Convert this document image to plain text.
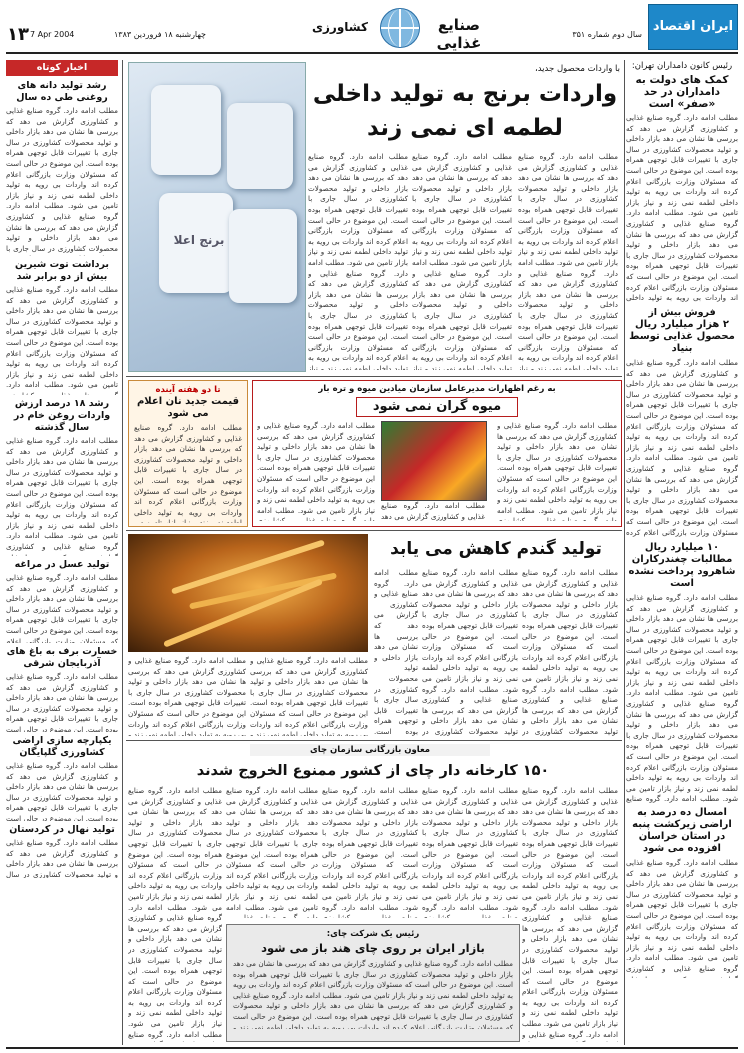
ایران اقتصاد
سال دوم شماره ۳۵۱
صنایع غذایی
کشاورزی
چهارشنبه ۱۸ فروردین ۱۳۸۳
7 Apr 2004
۱۳
رئیس کانون دامداران تهران:
کمک های دولت به دامداران در حد «صفر» است
مطلب ادامه دارد. گروه صنایع غذایی و کشاورزی گزارش می دهد که بررسی ها نشان می دهد بازار داخلی و تولید محصولات کشاورزی در سال جاری با تغییرات قابل توجهی همراه بوده است. این موضوع در حالی است که مسئولان وزارت بازرگانی اعلام کرده اند واردات بی رویه به تولید داخلی لطمه نمی زند و نیاز بازار تامین می شود. مطلب ادامه دارد. گروه صنایع غذایی و کشاورزی گزارش می دهد که بررسی ها نشان می دهد بازار داخلی و تولید محصولات کشاورزی در سال جاری با تغییرات قابل توجهی همراه بوده است. این موضوع در حالی است که مسئولان وزارت بازرگانی اعلام کرده اند واردات بی رویه به تولید داخلی لطمه نمی زند و نیاز بازار تامین می شود. مطلب ادامه دارد. گروه صنایع غذایی و کشاورزی گزارش می دهد که بررسی ها نشان می دهد بازار داخلی و تولید محصولات کشاورزی در سال جاری با تغییرات قابل توجهی همراه بوده است. این موضوع در حالی است که مسئولان وزارت بازرگانی اعلام کرده اند واردات بی رویه به تولید داخلی لطمه نمی زند و نیاز بازار تامین می شود.
فروش بیش از
۲ هزار میلیارد ریال محصول غذایی توسط بنیاد
مطلب ادامه دارد. گروه صنایع غذایی و کشاورزی گزارش می دهد که بررسی ها نشان می دهد بازار داخلی و تولید محصولات کشاورزی در سال جاری با تغییرات قابل توجهی همراه بوده است. این موضوع در حالی است که مسئولان وزارت بازرگانی اعلام کرده اند واردات بی رویه به تولید داخلی لطمه نمی زند و نیاز بازار تامین می شود. مطلب ادامه دارد. گروه صنایع غذایی و کشاورزی گزارش می دهد که بررسی ها نشان می دهد بازار داخلی و تولید محصولات کشاورزی در سال جاری با تغییرات قابل توجهی همراه بوده است. این موضوع در حالی است که مسئولان وزارت بازرگانی اعلام کرده اند واردات بی رویه به تولید داخلی لطمه نمی زند و نیاز بازار تامین می شود. مطلب ادامه دارد. گروه صنایع غذایی و کشاورزی گزارش می دهد که بررسی ها نشان می دهد بازار داخلی و تولید محصولات کشاورزی در سال جاری با تغییرات قابل توجهی همراه بوده است. این موضوع در حالی است که مسئولان وزارت بازرگانی اعلام کرده اند واردات بی رویه به تولید داخلی لطمه نمی زند و نیاز بازار تامین می شود.
۱۰ میلیارد ریال مطالبات چغندرکاران شاهرود پرداخت نشده است
مطلب ادامه دارد. گروه صنایع غذایی و کشاورزی گزارش می دهد که بررسی ها نشان می دهد بازار داخلی و تولید محصولات کشاورزی در سال جاری با تغییرات قابل توجهی همراه بوده است. این موضوع در حالی است که مسئولان وزارت بازرگانی اعلام کرده اند واردات بی رویه به تولید داخلی لطمه نمی زند و نیاز بازار تامین می شود. مطلب ادامه دارد. گروه صنایع غذایی و کشاورزی گزارش می دهد که بررسی ها نشان می دهد بازار داخلی و تولید محصولات کشاورزی در سال جاری با تغییرات قابل توجهی همراه بوده است. این موضوع در حالی است که مسئولان وزارت بازرگانی اعلام کرده اند واردات بی رویه به تولید داخلی لطمه نمی زند و نیاز بازار تامین می شود. مطلب ادامه دارد. گروه صنایع غذایی و کشاورزی گزارش می دهد که بررسی ها نشان می دهد بازار داخلی و تولید محصولات کشاورزی در سال جاری با تغییرات قابل توجهی همراه بوده است. این موضوع در حالی است که مسئولان وزارت بازرگانی اعلام کرده اند واردات بی رویه به تولید داخلی لطمه نمی زند و نیاز بازار تامین می شود.
امسال ده درصد به اراضی زیرکشت پنبه در استان خراسان افزوده می شود
مطلب ادامه دارد. گروه صنایع غذایی و کشاورزی گزارش می دهد که بررسی ها نشان می دهد بازار داخلی و تولید محصولات کشاورزی در سال جاری با تغییرات قابل توجهی همراه بوده است. این موضوع در حالی است که مسئولان وزارت بازرگانی اعلام کرده اند واردات بی رویه به تولید داخلی لطمه نمی زند و نیاز بازار تامین می شود. مطلب ادامه دارد. گروه صنایع غذایی و کشاورزی گزارش می دهد که بررسی ها نشان می دهد بازار داخلی و تولید محصولات کشاورزی در سال جاری با تغییرات قابل توجهی همراه بوده است. این موضوع در حالی است که مسئولان وزارت بازرگانی اعلام کرده اند واردات بی رویه به تولید داخلی لطمه نمی زند و نیاز بازار تامین می شود. مطلب ادامه دارد. گروه صنایع غذایی و کشاورزی گزارش می دهد که بررسی ها نشان می دهد بازار داخلی و تولید محصولات کشاورزی در سال جاری با تغییرات قابل توجهی همراه بوده است. این موضوع در حالی است که مسئولان وزارت بازرگانی اعلام کرده اند واردات بی رویه به تولید داخلی لطمه نمی زند و نیاز بازار تامین می شود.
اخبار کوتاه
رشد تولید دانه های روغنی طی ده سال
مطلب ادامه دارد. گروه صنایع غذایی و کشاورزی گزارش می دهد که بررسی ها نشان می دهد بازار داخلی و تولید محصولات کشاورزی در سال جاری با تغییرات قابل توجهی همراه بوده است. این موضوع در حالی است که مسئولان وزارت بازرگانی اعلام کرده اند واردات بی رویه به تولید داخلی لطمه نمی زند و نیاز بازار تامین می شود. مطلب ادامه دارد. گروه صنایع غذایی و کشاورزی گزارش می دهد که بررسی ها نشان می دهد بازار داخلی و تولید محصولات کشاورزی در سال جاری با تغییرات قابل توجهی همراه بوده است. این موضوع در حالی است که مسئولان وزارت بازرگانی اعلام کرده اند واردات بی رویه به تولید داخلی لطمه نمی زند و نیاز بازار تامین می شود. مطلب ادامه دارد. گروه صنایع غذایی و کشاورزی گزارش می دهد که بررسی ها نشان می دهد بازار داخلی و تولید محصولات کشاورزی در سال جاری با تغییرات قابل توجهی همراه بوده است. این موضوع در حالی است که مسئولان وزارت بازرگانی اعلام کرده اند واردات بی رویه به تولید داخلی لطمه نمی زند و نیاز بازار تامین می شود.
برداشت توت شیرین بیش از دو برابر شد
مطلب ادامه دارد. گروه صنایع غذایی و کشاورزی گزارش می دهد که بررسی ها نشان می دهد بازار داخلی و تولید محصولات کشاورزی در سال جاری با تغییرات قابل توجهی همراه بوده است. این موضوع در حالی است که مسئولان وزارت بازرگانی اعلام کرده اند واردات بی رویه به تولید داخلی لطمه نمی زند و نیاز بازار تامین می شود. مطلب ادامه دارد. گروه صنایع غذایی و کشاورزی گزارش می دهد که بررسی ها نشان می دهد بازار داخلی و تولید محصولات کشاورزی در سال جاری با تغییرات قابل توجهی همراه بوده است. این موضوع در حالی است که مسئولان وزارت بازرگانی اعلام کرده اند واردات بی رویه به تولید داخلی لطمه نمی زند و نیاز بازار تامین می شود. مطلب ادامه دارد. گروه صنایع غذایی و کشاورزی گزارش می دهد که بررسی ها نشان می دهد بازار داخلی و تولید محصولات کشاورزی در سال جاری با تغییرات قابل توجهی همراه بوده است. این موضوع در حالی است که مسئولان وزارت بازرگانی اعلام کرده اند واردات بی رویه به تولید داخلی لطمه نمی زند و نیاز بازار تامین می شود.
رشد ۱۸ درصد ارزش واردات روغن خام در سال گذشته
مطلب ادامه دارد. گروه صنایع غذایی و کشاورزی گزارش می دهد که بررسی ها نشان می دهد بازار داخلی و تولید محصولات کشاورزی در سال جاری با تغییرات قابل توجهی همراه بوده است. این موضوع در حالی است که مسئولان وزارت بازرگانی اعلام کرده اند واردات بی رویه به تولید داخلی لطمه نمی زند و نیاز بازار تامین می شود. مطلب ادامه دارد. گروه صنایع غذایی و کشاورزی گزارش می دهد که بررسی ها نشان می دهد بازار داخلی و تولید محصولات کشاورزی در سال جاری با تغییرات قابل توجهی همراه بوده است. این موضوع در حالی است که مسئولان وزارت بازرگانی اعلام کرده اند واردات بی رویه به تولید داخلی لطمه نمی زند و نیاز بازار تامین می شود. مطلب ادامه دارد. گروه صنایع غذایی و کشاورزی گزارش می دهد که بررسی ها نشان می دهد بازار داخلی و تولید محصولات کشاورزی در سال جاری با تغییرات قابل توجهی همراه بوده است. این موضوع در حالی است که مسئولان وزارت بازرگانی اعلام کرده اند واردات بی رویه به تولید داخلی لطمه نمی زند و نیاز بازار تامین می شود.
تولید عسل در مراغه
مطلب ادامه دارد. گروه صنایع غذایی و کشاورزی گزارش می دهد که بررسی ها نشان می دهد بازار داخلی و تولید محصولات کشاورزی در سال جاری با تغییرات قابل توجهی همراه بوده است. این موضوع در حالی است که مسئولان وزارت بازرگانی اعلام کرده اند واردات بی رویه به تولید داخلی لطمه نمی زند و نیاز بازار تامین می شود. مطلب ادامه دارد. گروه صنایع غذایی و کشاورزی گزارش می دهد که بررسی ها نشان می دهد بازار داخلی و تولید محصولات کشاورزی در سال جاری با تغییرات قابل توجهی همراه بوده است. این موضوع در حالی است که مسئولان وزارت بازرگانی اعلام کرده اند واردات بی رویه به تولید داخلی لطمه نمی زند و نیاز بازار تامین می شود. مطلب ادامه دارد. گروه صنایع غذایی و کشاورزی گزارش می دهد که بررسی ها نشان می دهد بازار داخلی و تولید محصولات کشاورزی در سال جاری با تغییرات قابل توجهی همراه بوده است. این موضوع در حالی است که مسئولان وزارت بازرگانی اعلام کرده اند واردات بی رویه به تولید داخلی لطمه نمی زند و نیاز بازار تامین می شود.
خسارت برف به باغ های آذربایجان شرقی
مطلب ادامه دارد. گروه صنایع غذایی و کشاورزی گزارش می دهد که بررسی ها نشان می دهد بازار داخلی و تولید محصولات کشاورزی در سال جاری با تغییرات قابل توجهی همراه بوده است. این موضوع در حالی است که مسئولان وزارت بازرگانی اعلام کرده اند واردات بی رویه به تولید داخلی لطمه نمی زند و نیاز بازار تامین می شود. مطلب ادامه دارد. گروه صنایع غذایی و کشاورزی گزارش می دهد که بررسی ها نشان می دهد بازار داخلی و تولید محصولات کشاورزی در سال جاری با تغییرات قابل توجهی همراه بوده است. این موضوع در حالی است که مسئولان وزارت بازرگانی اعلام کرده اند واردات بی رویه به تولید داخلی لطمه نمی زند و نیاز بازار تامین می شود. مطلب ادامه دارد. گروه صنایع غذایی و کشاورزی گزارش می دهد که بررسی ها نشان می دهد بازار داخلی و تولید محصولات کشاورزی در سال جاری با تغییرات قابل توجهی همراه بوده است. این موضوع در حالی است که مسئولان وزارت بازرگانی اعلام کرده اند واردات بی رویه به تولید داخلی لطمه نمی زند و نیاز بازار تامین می شود.
یکپارچه سازی اراضی کشاورزی گلپایگان
مطلب ادامه دارد. گروه صنایع غذایی و کشاورزی گزارش می دهد که بررسی ها نشان می دهد بازار داخلی و تولید محصولات کشاورزی در سال جاری با تغییرات قابل توجهی همراه بوده است. این موضوع در حالی است که مسئولان وزارت بازرگانی اعلام کرده اند واردات بی رویه به تولید داخلی لطمه نمی زند و نیاز بازار تامین می شود. مطلب ادامه دارد. گروه صنایع غذایی و کشاورزی گزارش می دهد که بررسی ها نشان می دهد بازار داخلی و تولید محصولات کشاورزی در سال جاری با تغییرات قابل توجهی همراه بوده است. این موضوع در حالی است که مسئولان وزارت بازرگانی اعلام کرده اند واردات بی رویه به تولید داخلی لطمه نمی زند و نیاز بازار تامین می شود. مطلب ادامه دارد. گروه صنایع غذایی و کشاورزی گزارش می دهد که بررسی ها نشان می دهد بازار داخلی و تولید محصولات کشاورزی در سال جاری با تغییرات قابل توجهی همراه بوده است. این موضوع در حالی است که مسئولان وزارت بازرگانی اعلام کرده اند واردات بی رویه به تولید داخلی لطمه نمی زند و نیاز بازار تامین می شود.
تولید نهال در کردستان
مطلب ادامه دارد. گروه صنایع غذایی و کشاورزی گزارش می دهد که بررسی ها نشان می دهد بازار داخلی و تولید محصولات کشاورزی در سال جاری با تغییرات قابل توجهی همراه بوده است. این موضوع در حالی است که مسئولان وزارت بازرگانی اعلام کرده اند واردات بی رویه به تولید داخلی لطمه نمی زند و نیاز بازار تامین می شود. مطلب ادامه دارد. گروه صنایع غذایی و کشاورزی گزارش می دهد که بررسی ها نشان می دهد بازار داخلی و تولید محصولات کشاورزی در سال جاری با تغییرات قابل توجهی همراه بوده است. این موضوع در حالی است که مسئولان وزارت بازرگانی اعلام کرده اند واردات بی رویه به تولید داخلی لطمه نمی زند و نیاز بازار تامین می شود. مطلب ادامه دارد. گروه صنایع غذایی و کشاورزی گزارش می دهد که بررسی ها نشان می دهد بازار داخلی و تولید محصولات کشاورزی در سال جاری با تغییرات قابل توجهی همراه بوده است. این موضوع در حالی است که مسئولان وزارت بازرگانی اعلام کرده اند واردات بی رویه به تولید داخلی لطمه نمی زند و نیاز بازار تامین می شود.
برنج اعلا
با واردات محصول جدید،
واردات برنج به تولید داخلی
لطمه ای نمی زند
مطلب ادامه دارد. گروه صنایع غذایی و کشاورزی گزارش می دهد که بررسی ها نشان می دهد بازار داخلی و تولید محصولات کشاورزی در سال جاری با تغییرات قابل توجهی همراه بوده است. این موضوع در حالی است که مسئولان وزارت بازرگانی اعلام کرده اند واردات بی رویه به تولید داخلی لطمه نمی زند و نیاز بازار تامین می شود. مطلب ادامه دارد. گروه صنایع غذایی و کشاورزی گزارش می دهد که بررسی ها نشان می دهد بازار داخلی و تولید محصولات کشاورزی در سال جاری با تغییرات قابل توجهی همراه بوده است. این موضوع در حالی است که مسئولان وزارت بازرگانی اعلام کرده اند واردات بی رویه به تولید داخلی لطمه نمی زند و نیاز بازار تامین می شود. مطلب ادامه دارد. گروه صنایع غذایی و کشاورزی گزارش می دهد که بررسی ها نشان می دهد بازار داخلی و تولید محصولات کشاورزی در سال جاری با تغییرات قابل توجهی همراه بوده است. این موضوع در حالی است که مسئولان وزارت بازرگانی اعلام کرده اند واردات بی رویه به تولید داخلی لطمه نمی زند و نیاز بازار تامین می شود.
مطلب ادامه دارد. گروه صنایع غذایی و کشاورزی گزارش می دهد که بررسی ها نشان می دهد بازار داخلی و تولید محصولات کشاورزی در سال جاری با تغییرات قابل توجهی همراه بوده است. این موضوع در حالی است که مسئولان وزارت بازرگانی اعلام کرده اند واردات بی رویه به تولید داخلی لطمه نمی زند و نیاز بازار تامین می شود. مطلب ادامه دارد. گروه صنایع غذایی و کشاورزی گزارش می دهد که بررسی ها نشان می دهد بازار داخلی و تولید محصولات کشاورزی در سال جاری با تغییرات قابل توجهی همراه بوده است. این موضوع در حالی است که مسئولان وزارت بازرگانی اعلام کرده اند واردات بی رویه به تولید داخلی لطمه نمی زند و نیاز بازار تامین می شود. مطلب ادامه دارد. گروه صنایع غذایی و کشاورزی گزارش می دهد که بررسی ها نشان می دهد بازار داخلی و تولید محصولات کشاورزی در سال جاری با تغییرات قابل توجهی همراه بوده است. این موضوع در حالی است که مسئولان وزارت بازرگانی اعلام کرده اند واردات بی رویه به تولید داخلی لطمه نمی زند و نیاز بازار تامین می شود.
مطلب ادامه دارد. گروه صنایع غذایی و کشاورزی گزارش می دهد که بررسی ها نشان می دهد بازار داخلی و تولید محصولات کشاورزی در سال جاری با تغییرات قابل توجهی همراه بوده است. این موضوع در حالی است که مسئولان وزارت بازرگانی اعلام کرده اند واردات بی رویه به تولید داخلی لطمه نمی زند و نیاز بازار تامین می شود. مطلب ادامه دارد. گروه صنایع غذایی و کشاورزی گزارش می دهد که بررسی ها نشان می دهد بازار داخلی و تولید محصولات کشاورزی در سال جاری با تغییرات قابل توجهی همراه بوده است. این موضوع در حالی است که مسئولان وزارت بازرگانی اعلام کرده اند واردات بی رویه به تولید داخلی لطمه نمی زند و نیاز بازار تامین می شود. مطلب ادامه دارد. گروه صنایع غذایی و کشاورزی گزارش می دهد که بررسی ها نشان می دهد بازار داخلی و تولید محصولات کشاورزی در سال جاری با تغییرات قابل توجهی همراه بوده است. این موضوع در حالی است که مسئولان وزارت بازرگانی اعلام کرده اند واردات بی رویه به تولید داخلی لطمه نمی زند و نیاز بازار تامین می شود.
تا دو هفته آینده
قیمت جدید نان اعلام می شود
مطلب ادامه دارد. گروه صنایع غذایی و کشاورزی گزارش می دهد که بررسی ها نشان می دهد بازار داخلی و تولید محصولات کشاورزی در سال جاری با تغییرات قابل توجهی همراه بوده است. این موضوع در حالی است که مسئولان وزارت بازرگانی اعلام کرده اند واردات بی رویه به تولید داخلی لطمه نمی زند و نیاز بازار تامین می شود. مطلب ادامه دارد. گروه صنایع غذایی و کشاورزی گزارش می دهد که بررسی ها نشان می دهد بازار داخلی و تولید محصولات کشاورزی در سال جاری با تغییرات قابل توجهی همراه بوده است. این موضوع در حالی است که مسئولان وزارت بازرگانی اعلام کرده اند واردات بی رویه به تولید داخلی لطمه نمی زند و نیاز بازار تامین می شود. مطلب ادامه دارد. گروه صنایع غذایی و کشاورزی گزارش می دهد که بررسی ها نشان می دهد بازار داخلی و تولید محصولات کشاورزی در سال جاری با تغییرات قابل توجهی همراه بوده است. این موضوع در حالی است که مسئولان وزارت بازرگانی اعلام کرده اند واردات بی رویه به تولید داخلی لطمه نمی زند و نیاز بازار تامین می شود.
به رغم اظهارات مدیرعامل سازمان میادین میوه و تره بار
میوه گران نمی شود
مطلب ادامه دارد. گروه صنایع غذایی و کشاورزی گزارش می دهد که بررسی ها نشان می دهد بازار داخلی و تولید محصولات کشاورزی در سال جاری با تغییرات قابل توجهی همراه بوده است. این موضوع در حالی است که مسئولان وزارت بازرگانی اعلام کرده اند واردات بی رویه به تولید داخلی لطمه نمی زند و نیاز بازار تامین می شود. مطلب ادامه دارد. گروه صنایع غذایی و کشاورزی گزارش می دهد که بررسی ها نشان می دهد بازار داخلی و تولید محصولات کشاورزی در سال جاری با تغییرات قابل توجهی همراه بوده است. این موضوع در حالی است که مسئولان وزارت بازرگانی اعلام کرده اند واردات بی رویه به تولید داخلی لطمه نمی زند و نیاز بازار تامین می شود. مطلب ادامه دارد. گروه صنایع غذایی و کشاورزی گزارش می دهد که بررسی ها نشان می دهد بازار داخلی و تولید محصولات کشاورزی در سال جاری با تغییرات قابل توجهی همراه بوده است. این موضوع در حالی است که مسئولان وزارت بازرگانی اعلام کرده اند واردات بی رویه به تولید داخلی لطمه نمی زند و نیاز بازار تامین می شود.
مطلب ادامه دارد. گروه صنایع غذایی و کشاورزی گزارش می دهد که بررسی ها نشان می دهد بازار داخلی و تولید محصولات کشاورزی در سال جاری با تغییرات قابل توجهی همراه بوده است. این موضوع در حالی است که مسئولان وزارت بازرگانی اعلام کرده اند واردات بی رویه به تولید داخلی لطمه نمی زند و نیاز بازار تامین می شود. مطلب ادامه دارد. گروه صنایع غذایی و کشاورزی گزارش می دهد که بررسی ها نشان می دهد بازار داخلی و تولید محصولات کشاورزی در سال جاری با تغییرات قابل توجهی همراه بوده است. این موضوع در حالی است که مسئولان وزارت بازرگانی اعلام کرده اند واردات بی رویه به تولید داخلی لطمه نمی زند و نیاز بازار تامین می شود. مطلب ادامه دارد. گروه صنایع غذایی و کشاورزی گزارش می دهد که بررسی ها نشان می دهد بازار داخلی و تولید محصولات کشاورزی در سال جاری با تغییرات قابل توجهی همراه بوده است. این موضوع در حالی است که مسئولان وزارت بازرگانی اعلام کرده اند واردات بی رویه به تولید داخلی لطمه نمی زند و نیاز بازار تامین می شود.
مطلب ادامه دارد. گروه صنایع غذایی و کشاورزی گزارش می دهد که بررسی ها نشان می دهد بازار داخلی و تولید محصولات کشاورزی در سال جاری با تغییرات قابل توجهی همراه بوده است. این موضوع در حالی است که مسئولان وزارت بازرگانی اعلام کرده اند واردات بی رویه به تولید داخلی لطمه نمی زند و نیاز بازار تامین می شود. مطلب ادامه دارد. گروه صنایع غذایی و کشاورزی گزارش می دهد که بررسی ها نشان می دهد بازار داخلی و تولید محصولات کشاورزی در سال جاری با تغییرات قابل توجهی همراه بوده است. این موضوع در حالی است که مسئولان وزارت بازرگانی اعلام کرده اند واردات بی رویه به تولید داخلی لطمه نمی زند و نیاز بازار تامین می شود. مطلب ادامه دارد. گروه صنایع غذایی و کشاورزی گزارش می دهد که بررسی ها نشان می دهد بازار داخلی و تولید محصولات کشاورزی در سال جاری با تغییرات قابل توجهی همراه بوده است. این موضوع در حالی است که مسئولان وزارت بازرگانی اعلام کرده اند واردات بی رویه به تولید داخلی لطمه نمی زند و نیاز بازار تامین می شود.
تولید گندم کاهش می یابد
مطلب ادامه دارد. گروه صنایع غذایی و کشاورزی گزارش می دهد که بررسی ها نشان می دهد بازار داخلی و تولید محصولات کشاورزی در سال جاری با تغییرات قابل توجهی همراه بوده است. این موضوع در حالی است که مسئولان وزارت بازرگانی اعلام کرده اند واردات بی رویه به تولید داخلی لطمه نمی زند و نیاز بازار تامین می شود. مطلب ادامه دارد. گروه صنایع غذایی و کشاورزی گزارش می دهد که بررسی ها نشان می دهد بازار داخلی و تولید محصولات کشاورزی در سال جاری با تغییرات قابل توجهی همراه بوده است. این موضوع در حالی است که مسئولان وزارت بازرگانی اعلام کرده اند واردات بی رویه به تولید داخلی لطمه نمی زند و نیاز بازار تامین می شود. مطلب ادامه دارد. گروه صنایع غذایی و کشاورزی گزارش می دهد که بررسی ها نشان می دهد بازار داخلی و تولید محصولات کشاورزی در سال جاری با تغییرات قابل توجهی همراه بوده است. این موضوع در حالی است که مسئولان وزارت بازرگانی اعلام کرده اند واردات بی رویه به تولید داخلی لطمه نمی زند و نیاز بازار تامین می شود.
مطلب ادامه دارد. گروه صنایع غذایی و کشاورزی گزارش می دهد که بررسی ها نشان می دهد بازار داخلی و تولید محصولات کشاورزی در سال جاری با تغییرات قابل توجهی همراه بوده است. این موضوع در حالی است که مسئولان وزارت بازرگانی اعلام کرده اند واردات بی رویه به تولید داخلی لطمه نمی زند و نیاز بازار تامین می شود. مطلب ادامه دارد. گروه صنایع غذایی و کشاورزی گزارش می دهد که بررسی ها نشان می دهد بازار داخلی و تولید محصولات کشاورزی در سال جاری با تغییرات قابل توجهی همراه بوده است. این موضوع در حالی است که مسئولان وزارت بازرگانی اعلام کرده اند واردات بی رویه به تولید داخلی لطمه نمی زند و نیاز بازار تامین می شود. مطلب ادامه دارد. گروه صنایع غذایی و کشاورزی گزارش می دهد که بررسی ها نشان می دهد بازار داخلی و تولید محصولات کشاورزی در سال جاری با تغییرات قابل توجهی همراه بوده است. این موضوع در حالی است که مسئولان وزارت بازرگانی اعلام کرده اند واردات بی رویه به تولید داخلی لطمه نمی زند و نیاز بازار تامین می شود.
مطلب ادامه دارد. گروه صنایع غذایی و کشاورزی گزارش می دهد که بررسی ها نشان می دهد بازار داخلی و تولید محصولات کشاورزی در سال جاری با تغییرات قابل توجهی همراه بوده است. این موضوع در حالی است که مسئولان وزارت بازرگانی اعلام کرده اند واردات بی رویه به تولید داخلی لطمه نمی زند و نیاز بازار تامین می شود. مطلب ادامه دارد. گروه صنایع غذایی و کشاورزی گزارش می دهد که بررسی ها نشان می دهد بازار داخلی و تولید محصولات کشاورزی در سال جاری با تغییرات قابل توجهی همراه بوده است. این موضوع در حالی است که مسئولان وزارت بازرگانی اعلام کرده اند واردات بی رویه به تولید داخلی لطمه نمی زند و نیاز بازار تامین می شود. مطلب ادامه دارد. گروه صنایع غذایی و کشاورزی گزارش می دهد که بررسی ها نشان می دهد بازار داخلی و تولید محصولات کشاورزی در سال جاری با تغییرات قابل توجهی همراه بوده است. این موضوع در حالی است که مسئولان وزارت بازرگانی اعلام کرده اند واردات بی رویه به تولید داخلی لطمه نمی زند و نیاز بازار تامین می شود.
مطلب ادامه دارد. گروه صنایع غذایی و کشاورزی گزارش می دهد که بررسی ها نشان می دهد بازار داخلی و تولید محصولات کشاورزی در سال جاری با تغییرات قابل توجهی همراه بوده است. این موضوع در حالی است که مسئولان وزارت بازرگانی اعلام کرده اند واردات بی رویه به تولید داخلی لطمه نمی زند و نیاز بازار تامین می شود. مطلب ادامه دارد. گروه صنایع غذایی و کشاورزی گزارش می دهد که بررسی ها نشان می دهد بازار داخلی و تولید محصولات کشاورزی در سال جاری با تغییرات قابل توجهی همراه بوده است. این موضوع در حالی است که مسئولان وزارت بازرگانی اعلام کرده اند واردات بی رویه به تولید داخلی لطمه نمی زند و نیاز بازار تامین می شود. مطلب ادامه دارد. گروه صنایع غذایی و کشاورزی گزارش می دهد که بررسی ها نشان می دهد بازار داخلی و تولید محصولات کشاورزی در سال جاری با تغییرات قابل توجهی همراه بوده است. این موضوع در حالی است که مسئولان وزارت بازرگانی اعلام کرده اند واردات بی رویه به تولید داخلی لطمه نمی زند و نیاز بازار تامین می شود.
مطلب ادامه دارد. گروه صنایع غذایی و کشاورزی گزارش می دهد که بررسی ها نشان می دهد بازار داخلی و تولید محصولات کشاورزی در سال جاری با تغییرات قابل توجهی همراه بوده است. این موضوع در حالی است که مسئولان وزارت بازرگانی اعلام کرده اند واردات بی رویه به تولید داخلی لطمه نمی زند و نیاز بازار تامین می شود. مطلب ادامه دارد. گروه صنایع غذایی و کشاورزی گزارش می دهد که بررسی ها نشان می دهد بازار داخلی و تولید محصولات کشاورزی در سال جاری با تغییرات قابل توجهی همراه بوده است. این موضوع در حالی است که مسئولان وزارت بازرگانی اعلام کرده اند واردات بی رویه به تولید داخلی لطمه نمی زند و نیاز بازار تامین می شود. مطلب ادامه دارد. گروه صنایع غذایی و کشاورزی گزارش می دهد که بررسی ها نشان می دهد بازار داخلی و تولید محصولات کشاورزی در سال جاری با تغییرات قابل توجهی همراه بوده است. این موضوع در حالی است که مسئولان وزارت بازرگانی اعلام کرده اند واردات بی رویه به تولید داخلی لطمه نمی زند و نیاز بازار تامین می شود.
معاون بازرگانی سازمان چای
۱۵۰ کارخانه دار چای از کشور ممنوع الخروج شدند
مطلب ادامه دارد. گروه صنایع غذایی و کشاورزی گزارش می دهد که بررسی ها نشان می دهد بازار داخلی و تولید محصولات کشاورزی در سال جاری با تغییرات قابل توجهی همراه بوده است. این موضوع در حالی است که مسئولان وزارت بازرگانی اعلام کرده اند واردات بی رویه به تولید داخلی لطمه نمی زند و نیاز بازار تامین می شود. مطلب ادامه دارد. گروه صنایع غذایی و کشاورزی گزارش می دهد که بررسی ها نشان می دهد بازار داخلی و تولید محصولات کشاورزی در سال جاری با تغییرات قابل توجهی همراه بوده است. این موضوع در حالی است که مسئولان وزارت بازرگانی اعلام کرده اند واردات بی رویه به تولید داخلی لطمه نمی زند و نیاز بازار تامین می شود. مطلب ادامه دارد. گروه صنایع غذایی و کشاورزی گزارش می دهد که بررسی ها نشان می دهد بازار داخلی و تولید محصولات کشاورزی در سال جاری با تغییرات قابل توجهی همراه بوده است. این موضوع در حالی است که مسئولان وزارت بازرگانی اعلام کرده اند واردات بی رویه به تولید داخلی لطمه نمی زند و نیاز بازار تامین می شود.
مطلب ادامه دارد. گروه صنایع غذایی و کشاورزی گزارش می دهد که بررسی ها نشان می دهد بازار داخلی و تولید محصولات کشاورزی در سال جاری با تغییرات قابل توجهی همراه بوده است. این موضوع در حالی است که مسئولان وزارت بازرگانی اعلام کرده اند واردات بی رویه به تولید داخلی لطمه نمی زند و نیاز بازار تامین می شود. مطلب ادامه دارد. گروه صنایع غذایی و کشاورزی گزارش می دهد که بررسی ها نشان می دهد بازار داخلی و تولید محصولات کشاورزی در سال جاری با تغییرات قابل توجهی همراه بوده است. این موضوع در حالی است که مسئولان وزارت بازرگانی اعلام کرده اند واردات بی رویه به تولید داخلی لطمه نمی زند و نیاز بازار تامین می شود. مطلب ادامه دارد. گروه صنایع غذایی و کشاورزی گزارش می دهد که بررسی ها نشان می دهد بازار داخلی و تولید محصولات کشاورزی در سال جاری با تغییرات قابل توجهی همراه بوده است. این موضوع در حالی است که مسئولان وزارت بازرگانی اعلام کرده اند واردات بی رویه به تولید داخلی لطمه نمی زند و نیاز بازار تامین می شود.
مطلب ادامه دارد. گروه صنایع غذایی و کشاورزی گزارش می دهد که بررسی ها نشان می دهد بازار داخلی و تولید محصولات کشاورزی در سال جاری با تغییرات قابل توجهی همراه بوده است. این موضوع در حالی است که مسئولان وزارت بازرگانی اعلام کرده اند واردات بی رویه به تولید داخلی لطمه نمی زند و نیاز بازار تامین می شود. مطلب ادامه دارد. گروه صنایع غذایی و کشاورزی گزارش می دهد که بررسی ها نشان می دهد بازار داخلی و تولید محصولات کشاورزی در سال جاری با تغییرات قابل توجهی همراه بوده است. این موضوع در حالی است که مسئولان وزارت بازرگانی اعلام کرده اند واردات بی رویه به تولید داخلی لطمه نمی زند و نیاز بازار تامین می شود. مطلب ادامه دارد. گروه صنایع غذایی و کشاورزی گزارش می دهد که بررسی ها نشان می دهد بازار داخلی و تولید محصولات کشاورزی در سال جاری با تغییرات قابل توجهی همراه بوده است. این موضوع در حالی است که مسئولان وزارت بازرگانی اعلام کرده اند واردات بی رویه به تولید داخلی لطمه نمی زند و نیاز بازار تامین می شود.
مطلب ادامه دارد. گروه صنایع غذایی و کشاورزی گزارش می دهد که بررسی ها نشان می دهد بازار داخلی و تولید محصولات کشاورزی در سال جاری با تغییرات قابل توجهی همراه بوده است. این موضوع در حالی است که مسئولان وزارت بازرگانی اعلام کرده اند واردات بی رویه به تولید داخلی لطمه نمی زند و نیاز بازار تامین می شود. مطلب ادامه دارد. گروه صنایع غذایی و کشاورزی گزارش می دهد که بررسی ها نشان می دهد بازار داخلی و تولید محصولات کشاورزی در سال جاری با تغییرات قابل توجهی همراه بوده است. این موضوع در حالی است که مسئولان وزارت بازرگانی اعلام کرده اند واردات بی رویه به تولید داخلی لطمه نمی زند و نیاز بازار تامین می شود. مطلب ادامه دارد. گروه صنایع غذایی و کشاورزی گزارش می دهد که بررسی ها نشان می دهد بازار داخلی و تولید محصولات کشاورزی در سال جاری با تغییرات قابل توجهی همراه بوده است. این موضوع در حالی است که مسئولان وزارت بازرگانی اعلام کرده اند واردات بی رویه به تولید داخلی لطمه نمی زند و نیاز بازار تامین می شود.
مطلب ادامه دارد. گروه صنایع غذایی و کشاورزی گزارش می دهد که بررسی ها نشان می دهد بازار داخلی و تولید محصولات کشاورزی در سال جاری با تغییرات قابل توجهی همراه بوده است. این موضوع در حالی است که مسئولان وزارت بازرگانی اعلام کرده اند واردات بی رویه به تولید داخلی لطمه نمی زند و نیاز بازار تامین می شود. مطلب ادامه دارد. گروه صنایع غذایی و کشاورزی گزارش می دهد که بررسی ها نشان می دهد بازار داخلی و تولید محصولات کشاورزی در سال جاری با تغییرات قابل توجهی همراه بوده است. این موضوع در حالی است که مسئولان وزارت بازرگانی اعلام کرده اند واردات بی رویه به تولید داخلی لطمه نمی زند و نیاز بازار تامین می شود. مطلب ادامه دارد. گروه صنایع غذایی و کشاورزی گزارش می دهد که بررسی ها نشان می دهد بازار داخلی و تولید محصولات کشاورزی در سال جاری با تغییرات قابل توجهی همراه بوده است. این موضوع در حالی است که مسئولان وزارت بازرگانی اعلام کرده اند واردات بی رویه به تولید داخلی لطمه نمی زند و نیاز بازار تامین می شود.
رئیس یک شرکت چای:
بازار ایران بر روی چای هند باز می شود
مطلب ادامه دارد. گروه صنایع غذایی و کشاورزی گزارش می دهد که بررسی ها نشان می دهد بازار داخلی و تولید محصولات کشاورزی در سال جاری با تغییرات قابل توجهی همراه بوده است. این موضوع در حالی است که مسئولان وزارت بازرگانی اعلام کرده اند واردات بی رویه به تولید داخلی لطمه نمی زند و نیاز بازار تامین می شود. مطلب ادامه دارد. گروه صنایع غذایی و کشاورزی گزارش می دهد که بررسی ها نشان می دهد بازار داخلی و تولید محصولات کشاورزی در سال جاری با تغییرات قابل توجهی همراه بوده است. این موضوع در حالی است که مسئولان وزارت بازرگانی اعلام کرده اند واردات بی رویه به تولید داخلی لطمه نمی زند و نیاز بازار تامین می شود. مطلب ادامه دارد. گروه صنایع غذایی و کشاورزی گزارش می دهد که بررسی ها نشان می دهد بازار داخلی و تولید محصولات کشاورزی در سال جاری با تغییرات قابل توجهی همراه بوده است. این موضوع در حالی است که مسئولان وزارت بازرگانی اعلام کرده اند واردات بی رویه به تولید داخلی لطمه نمی زند و نیاز بازار تامین می شود.
